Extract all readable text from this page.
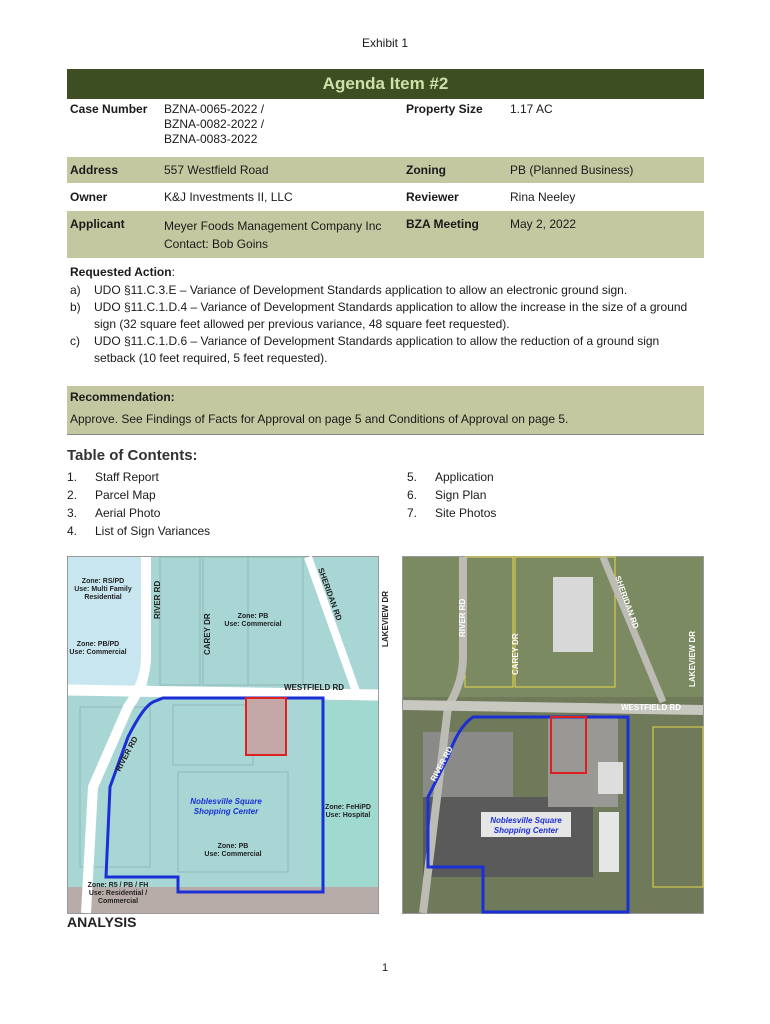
Exhibit 1
Agenda Item #2
Case Number	BZNA-0065-2022 /
BZNA-0082-2022 /
BZNA-0083-2022	Property Size	1.17 AC
Address	557 Westfield Road	Zoning	PB (Planned Business)
Owner	K&J Investments II, LLC	Reviewer	Rina Neeley
Applicant	Meyer Foods Management Company Inc
Contact: Bob Goins	BZA Meeting	May 2, 2022
Requested Action:
a) UDO §11.C.3.E – Variance of Development Standards application to allow an electronic ground sign.
b) UDO §11.C.1.D.4 – Variance of Development Standards application to allow the increase in the size of a ground sign (32 square feet allowed per previous variance, 48 square feet requested).
c) UDO §11.C.1.D.6 – Variance of Development Standards application to allow the reduction of a ground sign setback (10 feet required, 5 feet requested).
Recommendation:
Approve. See Findings of Facts for Approval on page 5 and Conditions of Approval on page 5.
Table of Contents:
1.	Staff Report
2.	Parcel Map
3.	Aerial Photo
4.	List of Sign Variances
5.	Application
6.	Sign Plan
7.	Site Photos
Zone: RS/PD
Use: Multi Family
Residential
Zone: PB/PD
Use: Commercial
Zone: PB
Use: Commercial
Zone: FeHiPD
Use: Hospital
Zone: PB
Use: Commercial
Zone: R5 / PB / FH
Use: Residential /
Commercial
Noblesville Square
Shopping Center
RIVER RD
CAREY DR
SHERIDAN RD	LAKEVIEW DR
WESTFIELD RD
RIVER RD
Noblesville Square
Shopping Center
RIVER RD
CAREY DR
SHERIDAN RD
LAKEVIEW DR
WESTFIELD RD
RIVER RD
ANALYSIS
1
